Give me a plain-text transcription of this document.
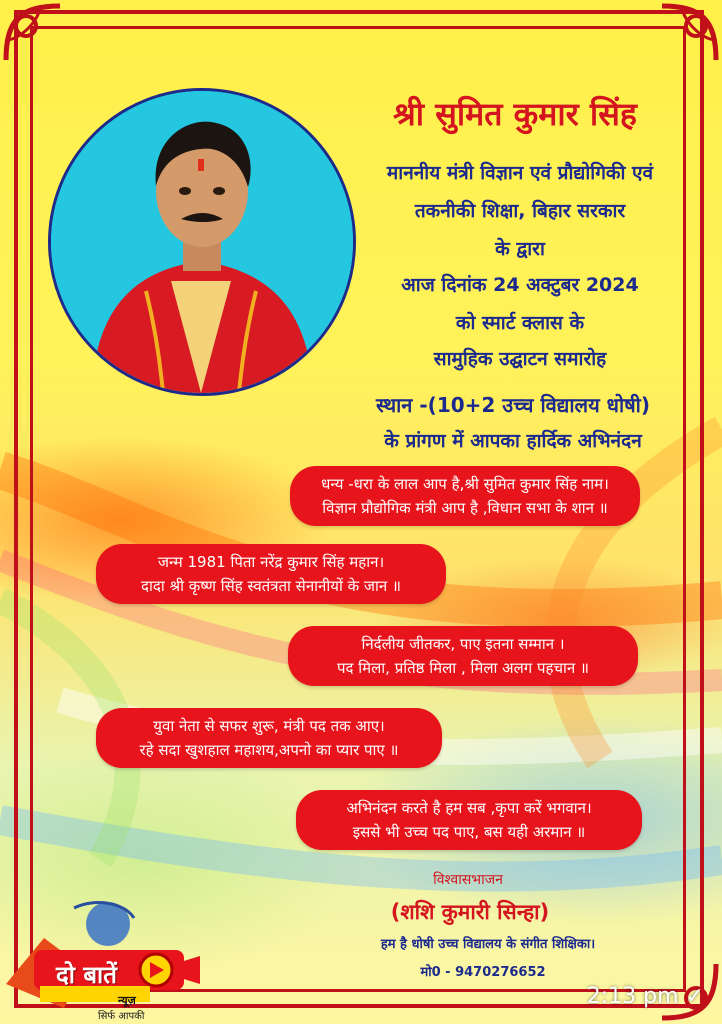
श्री सुमित कुमार सिंह
माननीय मंत्री विज्ञान एवं प्रौद्योगिकी एवं
तकनीकी शिक्षा, बिहार सरकार
के द्वारा
आज दिनांक 24 अक्टुबर 2024
को स्मार्ट क्लास के
सामुहिक उद्घाटन समारोह
स्थान -(10+2 उच्च विद्यालय धोषी)
के प्रांगण में आपका हार्दिक अभिनंदन
धन्य -धरा के लाल आप है,श्री सुमित कुमार सिंह नाम।
विज्ञान प्रौद्योगिक मंत्री आप है ,विधान सभा के शान ॥
जन्म 1981 पिता नरेंद्र कुमार सिंह महान।
दादा श्री कृष्ण सिंह स्वतंत्रता सेनानीयों के जान ॥
निर्दलीय जीतकर, पाए इतना सम्मान ।
पद मिला, प्रतिष्ठ मिला , मिला अलग पहचान ॥
युवा नेता से सफर शुरू, मंत्री पद तक आए।
रहे सदा खुशहाल महाशय,अपनो का प्यार पाए ॥
अभिनंदन करते है हम सब ,कृपा करें भगवान।
इससे भी उच्च पद पाए, बस यही अरमान ॥
विश्वासभाजन
(शशि कुमारी सिन्हा)
हम है धोषी उच्च विद्यालय के संगीत शिक्षिका।
मो0 - 9470276652
दो बातें
न्यूज़
सिर्फ आपकी
2:13 pm ✓
